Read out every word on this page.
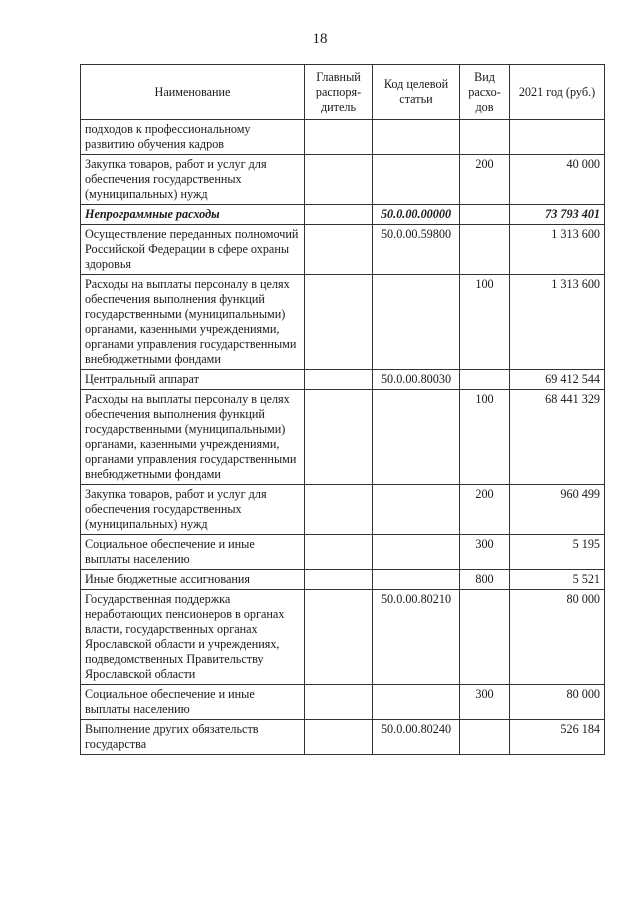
18
Наименование	Главный распоря-дитель	Код целевой статьи	Вид расхо-дов	2021 год (руб.)
подходов к профессиональному развитию обучения кадров				
Закупка товаров, работ и услуг для обеспечения государственных (муниципальных) нужд			200	40 000
Непрограммные расходы		50.0.00.00000		73 793 401
Осуществление переданных полномочий Российской Федерации в сфере охраны здоровья		50.0.00.59800		1 313 600
Расходы на выплаты персоналу в целях обеспечения выполнения функций государственными (муниципальными) органами, казенными учреждениями, органами управления государственными внебюджетными фондами			100	1 313 600
Центральный аппарат		50.0.00.80030		69 412 544
Расходы на выплаты персоналу в целях обеспечения выполнения функций государственными (муниципальными) органами, казенными учреждениями, органами управления государственными внебюджетными фондами			100	68 441 329
Закупка товаров, работ и услуг для обеспечения государственных (муниципальных) нужд			200	960 499
Социальное обеспечение и иные выплаты населению			300	5 195
Иные бюджетные ассигнования			800	5 521
Государственная поддержка неработающих пенсионеров в органах власти, государственных органах Ярославской области и учреждениях, подведомственных Правительству Ярославской области		50.0.00.80210		80 000
Социальное обеспечение и иные выплаты населению			300	80 000
Выполнение других обязательств государства		50.0.00.80240		526 184
